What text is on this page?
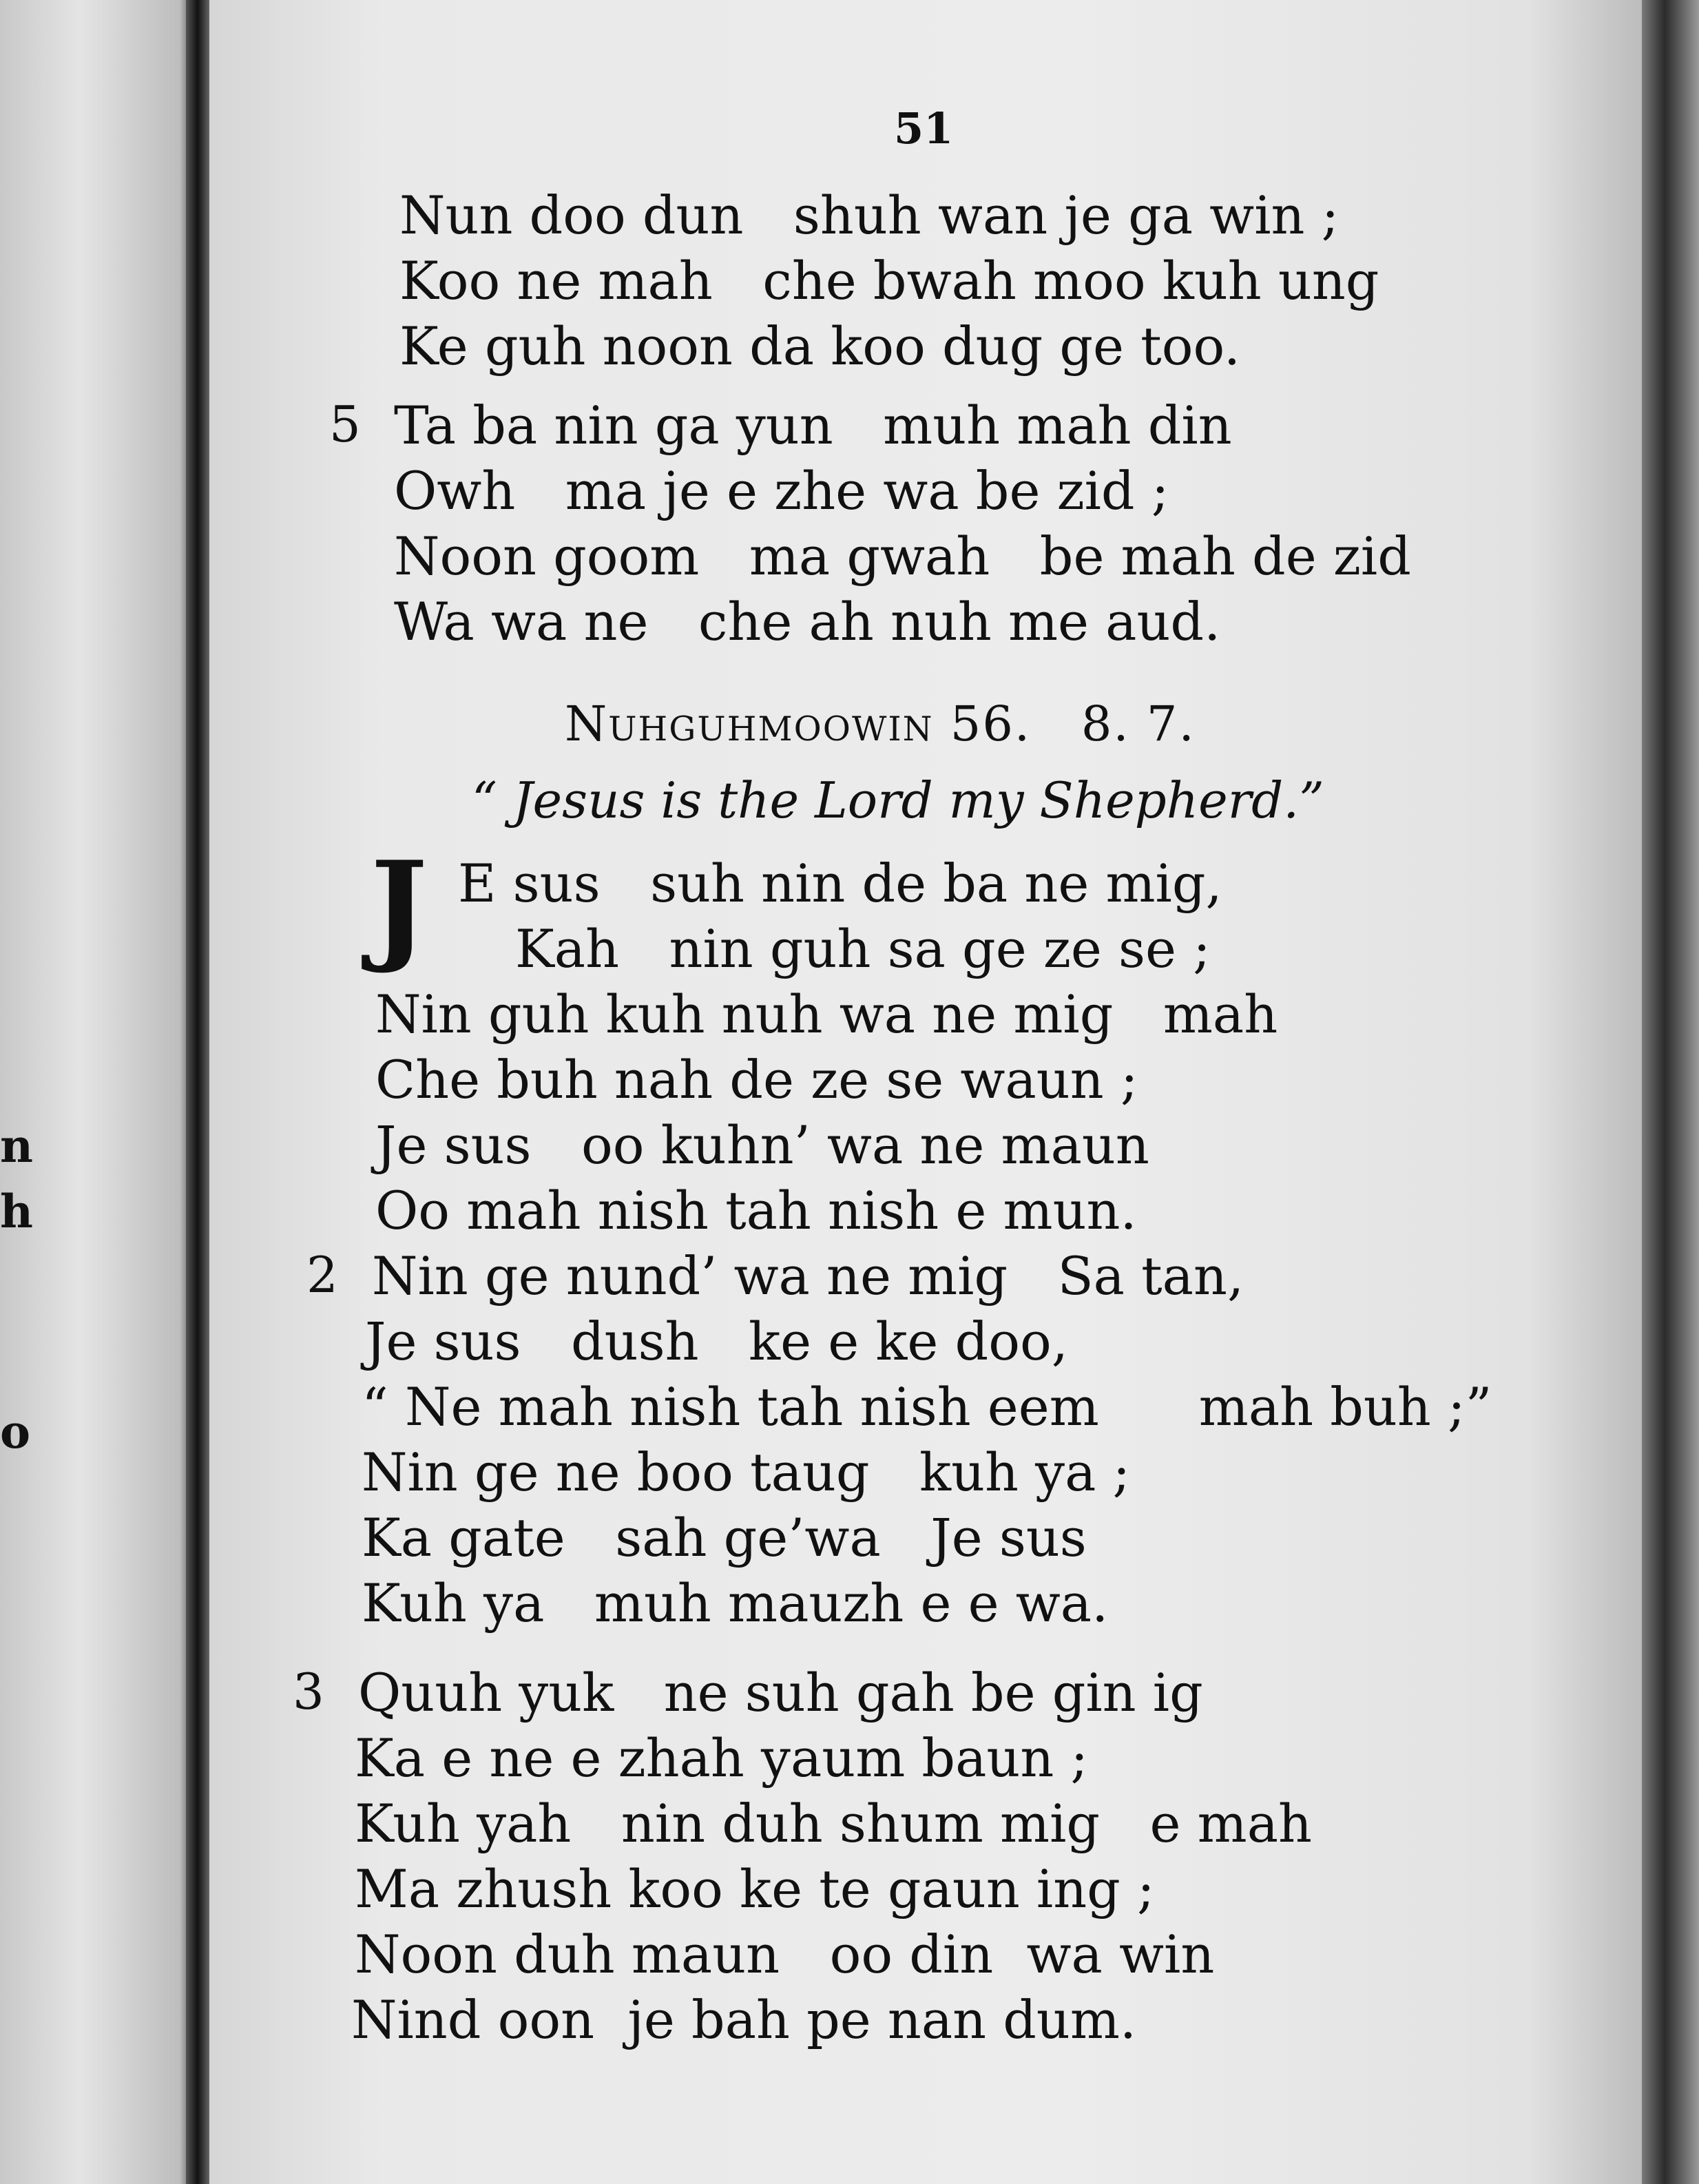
n
h
o
51
Nun doo dun   shuh wan je ga win ;
Koo ne mah   che bwah moo kuh ung
Ke guh noon da koo dug ge too.
5 Ta ba nin ga yun   muh mah din
Owh   ma je e zhe wa be zid ;
Noon goom   ma gwah   be mah de zid
Wa wa ne   che ah nuh me aud.
Nuhguhmoowin 56.   8. 7.
“ Jesus is the Lord my Shepherd.”
J E sus   suh nin de ba ne mig,
Kah   nin guh sa ge ze se ;
Nin guh kuh nuh wa ne mig   mah
Che buh nah de ze se waun ;
Je sus   oo kuhn’ wa ne maun
Oo mah nish tah nish e mun.
2 Nin ge nund’ wa ne mig   Sa tan,
Je sus   dush   ke e ke doo,
“ Ne mah nish tah nish eem      mah buh ;”
Nin ge ne boo taug   kuh ya ;
Ka gate   sah ge’wa   Je sus
Kuh ya   muh mauzh e e wa.
3 Quuh yuk   ne suh gah be gin ig
Ka e ne e zhah yaum baun ;
Kuh yah   nin duh shum mig   e mah
Ma zhush koo ke te gaun ing ;
Noon duh maun   oo din  wa win
Nind oon  je bah pe nan dum.
